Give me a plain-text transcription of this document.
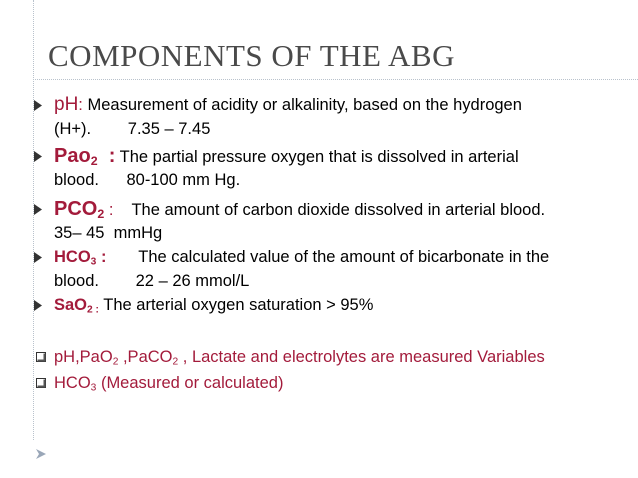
COMPONENTS OF THE ABG
pH: Measurement of acidity or alkalinity, based on the hydrogen
(H+).        7.35 – 7.45
Pao$_2$  : The partial pressure oxygen that is dissolved in arterial
blood.      80-100 mm Hg.
$PCO_2$ :    The amount of carbon dioxide dissolved in arterial blood.
35– 45  mmHg
$HCO_3$ :       The calculated value of the amount of bicarbonate in the
blood.        22 – 26 mmol/L
SaO$_{2 :}$ The arterial oxygen saturation > 95%
pH,PaO$_2$ ,PaCO$_2$ , Lactate and electrolytes are measured Variables
$HCO_3$ (Measured or calculated)
